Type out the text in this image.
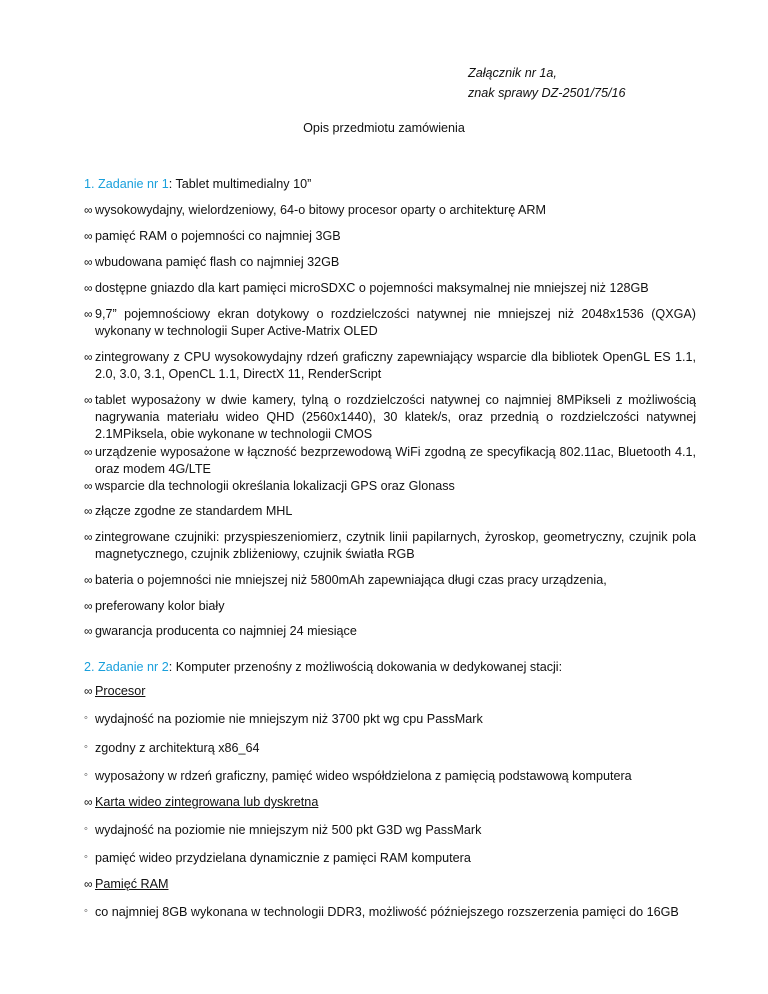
Załącznik nr 1a,
znak sprawy DZ-2501/75/16
Opis przedmiotu zamówienia
1. Zadanie nr 1: Tablet multimedialny 10”
∞ wysokowydajny, wielordzeniowy, 64-o bitowy procesor oparty o architekturę ARM
∞ pamięć RAM o pojemności co najmniej 3GB
∞ wbudowana pamięć flash co najmniej 32GB
∞ dostępne gniazdo dla kart pamięci microSDXC o pojemności maksymalnej nie mniejszej niż 128GB
∞ 9,7” pojemnościowy ekran dotykowy o rozdzielczości natywnej nie mniejszej niż 2048x1536 (QXGA) wykonany w technologii Super Active-Matrix OLED
∞ zintegrowany z CPU wysokowydajny rdzeń graficzny zapewniający wsparcie dla bibliotek OpenGL ES 1.1, 2.0, 3.0, 3.1, OpenCL 1.1, DirectX 11, RenderScript
∞ tablet wyposażony w dwie kamery, tylną o rozdzielczości natywnej co najmniej 8MPikseli z możliwością nagrywania materiału wideo QHD (2560x1440), 30 klatek/s, oraz przednią o rozdzielczości natywnej 2.1MPiksela, obie wykonane w technologii CMOS
∞ urządzenie wyposażone w łączność bezprzewodową WiFi zgodną ze specyfikacją 802.11ac, Bluetooth 4.1, oraz modem 4G/LTE
∞ wsparcie dla technologii określania lokalizacji GPS oraz Glonass
∞ złącze zgodne ze standardem MHL
∞ zintegrowane czujniki: przyspieszeniomierz, czytnik linii papilarnych, żyroskop, geometryczny, czujnik pola magnetycznego, czujnik zbliżeniowy, czujnik światła RGB
∞ bateria o pojemności nie mniejszej niż 5800mAh zapewniająca długi czas pracy urządzenia,
∞ preferowany kolor biały
∞ gwarancja producenta co najmniej 24 miesiące
2. Zadanie nr 2: Komputer przenośny z możliwością dokowania w dedykowanej stacji:
∞ Procesor
◦ wydajność na poziomie nie mniejszym niż 3700 pkt wg cpu PassMark
◦ zgodny z architekturą x86_64
◦ wyposażony w rdzeń graficzny, pamięć wideo współdzielona z pamięcią podstawową komputera
∞ Karta wideo zintegrowana lub dyskretna
◦ wydajność na poziomie nie mniejszym niż 500 pkt G3D wg PassMark
◦ pamięć wideo przydzielana dynamicznie z pamięci RAM komputera
∞ Pamięć RAM
◦ co najmniej 8GB wykonana w technologii DDR3, możliwość późniejszego rozszerzenia pamięci do 16GB
